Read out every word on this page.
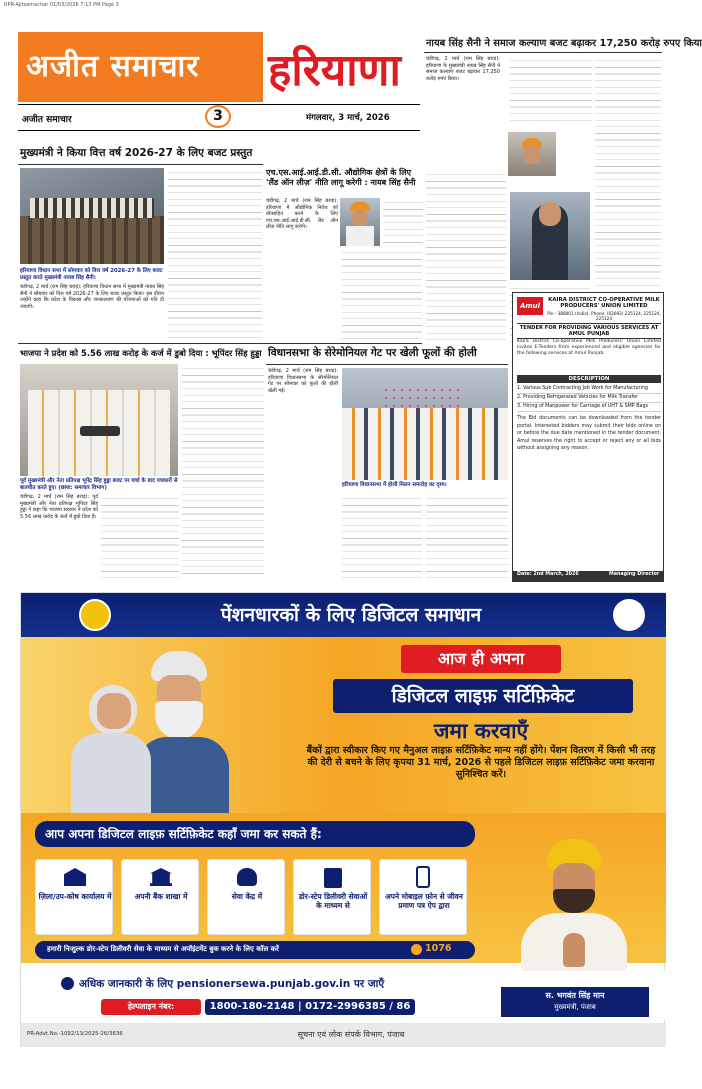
RPR-Ajitsamachar 01/03/2026 7:13 PM Page 3
अजीत समाचार हरियाणा
3
अजीत समाचार	मंगलवार, 3 मार्च, 2026
नायब सिंह सैनी ने समाज कल्याण बजट बढ़ाकर 17,250 करोड़ रुपए किया
चंडीगढ़, 2 मार्च (राम सिंह बराड़): हरियाणा के मुख्यमंत्री नायब सिंह सैनी ने समाज कल्याण बजट बढ़ाकर 17,250 करोड़ रुपए किया।
मुख्यमंत्री ने किया वित्त वर्ष 2026-27 के लिए बजट प्रस्तुत
हरियाणा विधान सभा में सोमवार को वित्त वर्ष 2026-27 के लिए बजट प्रस्तुत करते मुख्यमंत्री नायब सिंह सैनी।
चंडीगढ़, 2 मार्च (राम सिंह बराड़): हरियाणा विधान सभा में मुख्यमंत्री नायब सिंह सैनी ने सोमवार को वित्त वर्ष 2026-27 के लिए बजट प्रस्तुत किया। इस दौरान उन्होंने कहा कि प्रदेश के विकास और जनकल्याण की योजनाओं को गति दी जाएगी।
एच.एस.आई.आई.डी.सी. औद्योगिक क्षेत्रों के लिए 'लैंड ऑन लीज़' नीति लागू करेगी : नायब सिंह सैनी
चंडीगढ़, 2 मार्च (राम सिंह बराड़): हरियाणा में औद्योगिक निवेश को प्रोत्साहित करने के लिए एच.एस.आई.आई.डी.सी. लैंड ऑन लीज़ नीति लागू करेगी।
भाजपा ने प्रदेश को 5.56 लाख करोड़ के कर्ज में डुबो दिया : भूपिंदर सिंह हुड्डा
पूर्व मुख्यमंत्री और नेता प्रतिपक्ष भूपेंद्र सिंह हुड्डा बजट पर चर्चा के बाद पत्रकारों से बातचीत करते हुए। (छाया: समाचार विभाग)
चंडीगढ़, 2 मार्च (राम सिंह बराड़): पूर्व मुख्यमंत्री और नेता प्रतिपक्ष भूपिंदर सिंह हुड्डा ने कहा कि भाजपा सरकार ने प्रदेश को 5.56 लाख करोड़ के कर्ज में डुबो दिया है।
विधानसभा के सेरेमोनियल गेट पर खेली फूलों की होली
चंडीगढ़, 2 मार्च (राम सिंह बराड़): हरियाणा विधानसभा के सेरेमोनियल गेट पर सोमवार को फूलों की होली खेली गई।
हरियाणा विधानसभा में होली मिलन समारोह का दृश्य।
Amul
KAIRA DISTRICT CO-OPERATIVE MILK PRODUCERS' UNION LIMITED
Pin - 388001 (India), Phone: (02692) 225124, 225124, 225124
TENDER FOR PROVIDING VARIOUS SERVICES AT AMUL PUNJAB
Kaira District Co-operative Milk Producers' Union Limited invites E-Tenders from experienced and eligible agencies for the following services at Amul Punjab.
DESCRIPTION
1. Various Sub Contracting Job Work for Manufacturing
2. Providing Refrigerated Vehicles for Milk Transfer
3. Hiring of Manpower for Carriage of UHT & SMP Bags
The Bid documents can be downloaded from the tender portal. Interested bidders may submit their bids online on or before the due date mentioned in the tender document. Amul reserves the right to accept or reject any or all bids without assigning any reason.
Date: 2nd March, 2026	Managing Director
पेंशनधारकों के लिए डिजिटल समाधान
आज ही अपना
डिजिटल लाइफ़ सर्टिफ़िकेट
जमा करवाएँ
बैंकों द्वारा स्वीकार किए गए मैनुअल लाइफ़ सर्टिफ़िकेट मान्य नहीं होंगे। पेंशन वितरण में किसी भी तरह की देरी से बचने के लिए कृपया 31 मार्च, 2026 से पहले डिजिटल लाइफ़ सर्टिफ़िकेट जमा करवाना सुनिश्चित करें।
आप अपना डिजिटल लाइफ़ सर्टिफ़िकेट कहाँ जमा कर सकते हैं:
ज़िला/उप-कोष कार्यालय में	अपनी बैंक शाखा में	सेवा केंद्र में	डोर-स्टेप डिलीवरी सेवाओं के माध्यम से
अपने मोबाइल फ़ोन से जीवन प्रमाण पत्र ऐप द्वारा
हमारी निःशुल्क डोर-स्टेप डिलीवरी सेवा के माध्यम से अपॉइंटमेंट बुक करने के लिए कॉल करें	1076
अधिक जानकारी के लिए pensionersewa.punjab.gov.in पर जाएँ
हेल्पलाइन नंबर:	1800-180-2148 | 0172-2996385 / 86
स. भगवंत सिंह मान
मुख्यमंत्री, पंजाब
PR-Advt.No.-1092/13/2025-26/3636	सूचना एवं लोक संपर्क विभाग, पंजाब
